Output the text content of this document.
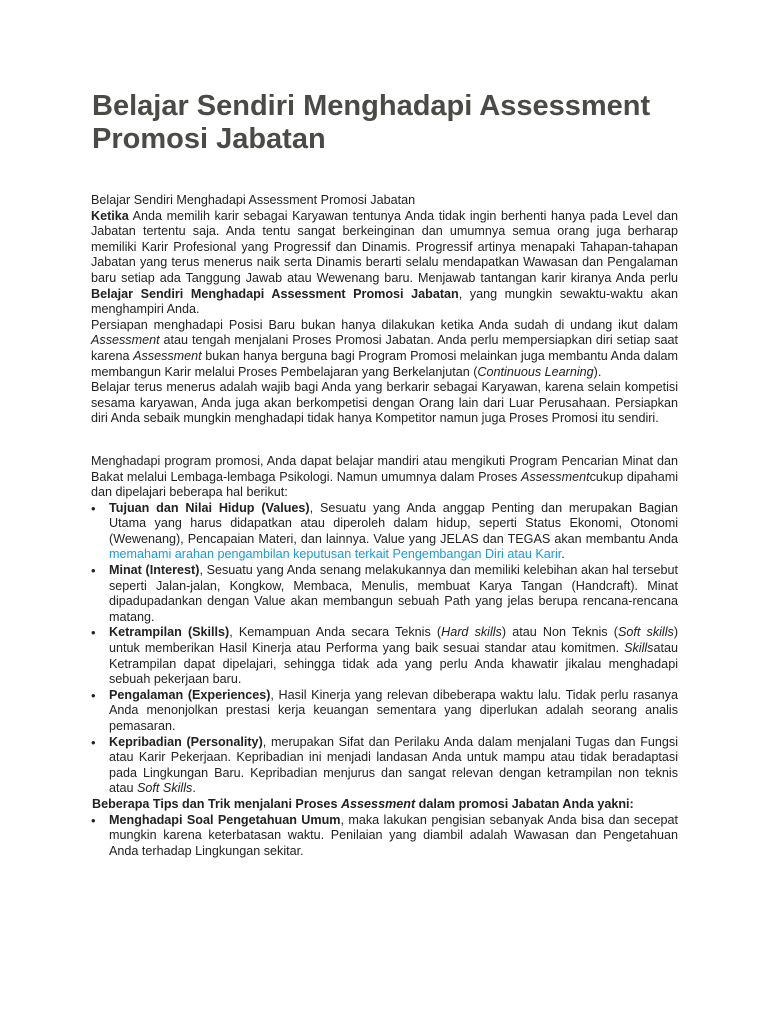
Belajar Sendiri Menghadapi Assessment Promosi Jabatan

Belajar Sendiri Menghadapi Assessment Promosi Jabatan

Ketika Anda memilih karir sebagai Karyawan tentunya Anda tidak ingin berhenti hanya pada Level dan Jabatan tertentu saja. Anda tentu sangat berkeinginan dan umumnya semua orang juga berharap memiliki Karir Profesional yang Progressif dan Dinamis. Progressif artinya menapaki Tahapan-tahapan Jabatan yang terus menerus naik serta Dinamis berarti selalu mendapatkan Wawasan dan Pengalaman baru setiap ada Tanggung Jawab atau Wewenang baru. Menjawab tantangan karir kiranya Anda perlu Belajar Sendiri Menghadapi Assessment Promosi Jabatan, yang mungkin sewaktu-waktu akan menghampiri Anda.

Persiapan menghadapi Posisi Baru bukan hanya dilakukan ketika Anda sudah di undang ikut dalam Assessment atau tengah menjalani Proses Promosi Jabatan. Anda perlu mempersiapkan diri setiap saat karena Assessment bukan hanya berguna bagi Program Promosi melainkan juga membantu Anda dalam membangun Karir melalui Proses Pembelajaran yang Berkelanjutan (Continuous Learning).

Belajar terus menerus adalah wajib bagi Anda yang berkarir sebagai Karyawan, karena selain kompetisi sesama karyawan, Anda juga akan berkompetisi dengan Orang lain dari Luar Perusahaan. Persiapkan diri Anda sebaik mungkin menghadapi tidak hanya Kompetitor namun juga Proses Promosi itu sendiri.

Menghadapi program promosi, Anda dapat belajar mandiri atau mengikuti Program Pencarian Minat dan Bakat melalui Lembaga-lembaga Psikologi. Namun umumnya dalam Proses Assessmentcukup dipahami dan dipelajari beberapa hal berikut:

• Tujuan dan Nilai Hidup (Values), Sesuatu yang Anda anggap Penting dan merupakan Bagian Utama yang harus didapatkan atau diperoleh dalam hidup, seperti Status Ekonomi, Otonomi (Wewenang), Pencapaian Materi, dan lainnya. Value yang JELAS dan TEGAS akan membantu Anda memahami arahan pengambilan keputusan terkait Pengembangan Diri atau Karir.
• Minat (Interest), Sesuatu yang Anda senang melakukannya dan memiliki kelebihan akan hal tersebut seperti Jalan-jalan, Kongkow, Membaca, Menulis, membuat Karya Tangan (Handcraft). Minat dipadupadankan dengan Value akan membangun sebuah Path yang jelas berupa rencana-rencana matang.
• Ketrampilan (Skills), Kemampuan Anda secara Teknis (Hard skills) atau Non Teknis (Soft skills) untuk memberikan Hasil Kinerja atau Performa yang baik sesuai standar atau komitmen. Skillsatau Ketrampilan dapat dipelajari, sehingga tidak ada yang perlu Anda khawatir jikalau menghadapi sebuah pekerjaan baru.
• Pengalaman (Experiences), Hasil Kinerja yang relevan dibeberapa waktu lalu. Tidak perlu rasanya Anda menonjolkan prestasi kerja keuangan sementara yang diperlukan adalah seorang analis pemasaran.
• Kepribadian (Personality), merupakan Sifat dan Perilaku Anda dalam menjalani Tugas dan Fungsi atau Karir Pekerjaan. Kepribadian ini menjadi landasan Anda untuk mampu atau tidak beradaptasi pada Lingkungan Baru. Kepribadian menjurus dan sangat relevan dengan ketrampilan non teknis atau Soft Skills.

Beberapa Tips dan Trik menjalani Proses Assessment dalam promosi Jabatan Anda yakni:

• Menghadapi Soal Pengetahuan Umum, maka lakukan pengisian sebanyak Anda bisa dan secepat mungkin karena keterbatasan waktu. Penilaian yang diambil adalah Wawasan dan Pengetahuan Anda terhadap Lingkungan sekitar.
